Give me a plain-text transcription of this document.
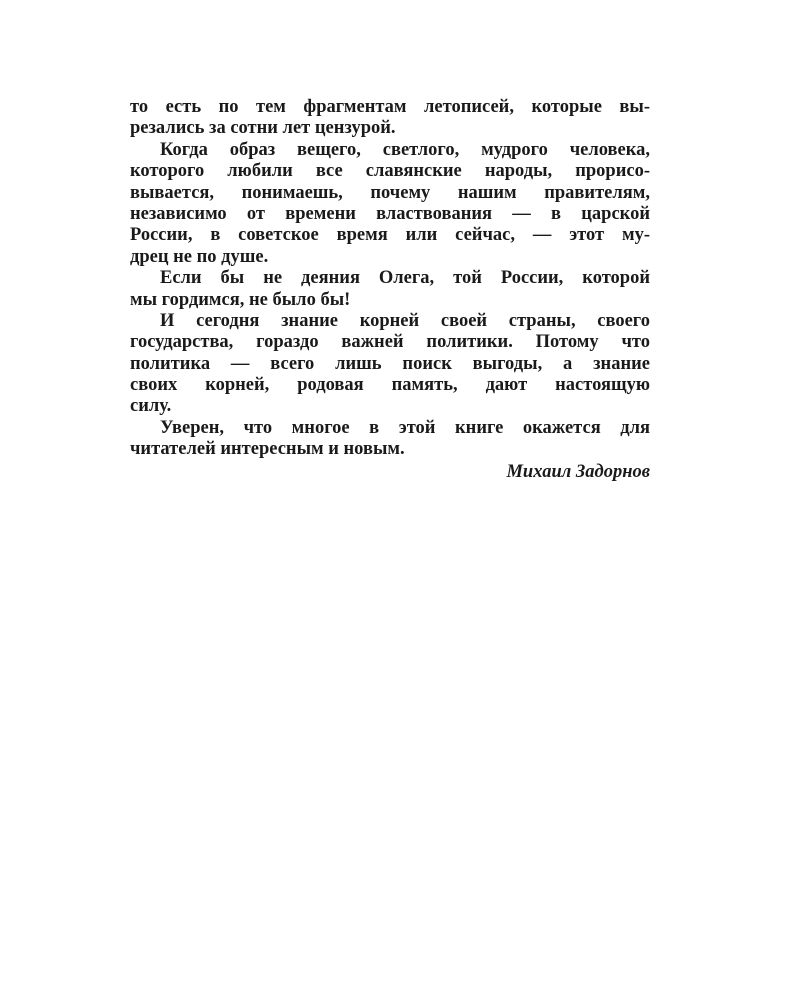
то есть по тем фрагментам летописей, которые вы-
резались за сотни лет цензурой.
Когда образ вещего, светлого, мудрого человека,
которого любили все славянские народы, прорисо-
вывается, понимаешь, почему нашим правителям,
независимо от времени властвования — в царской
России, в советское время или сейчас, — этот му-
дрец не по душе.
Если бы не деяния Олега, той России, которой
мы гордимся, не было бы!
И сегодня знание корней своей страны, своего
государства, гораздо важней политики. Потому что
политика — всего лишь поиск выгоды, а знание
своих корней, родовая память, дают настоящую
силу.
Уверен, что многое в этой книге окажется для
читателей интересным и новым.
Михаил Задорнов
